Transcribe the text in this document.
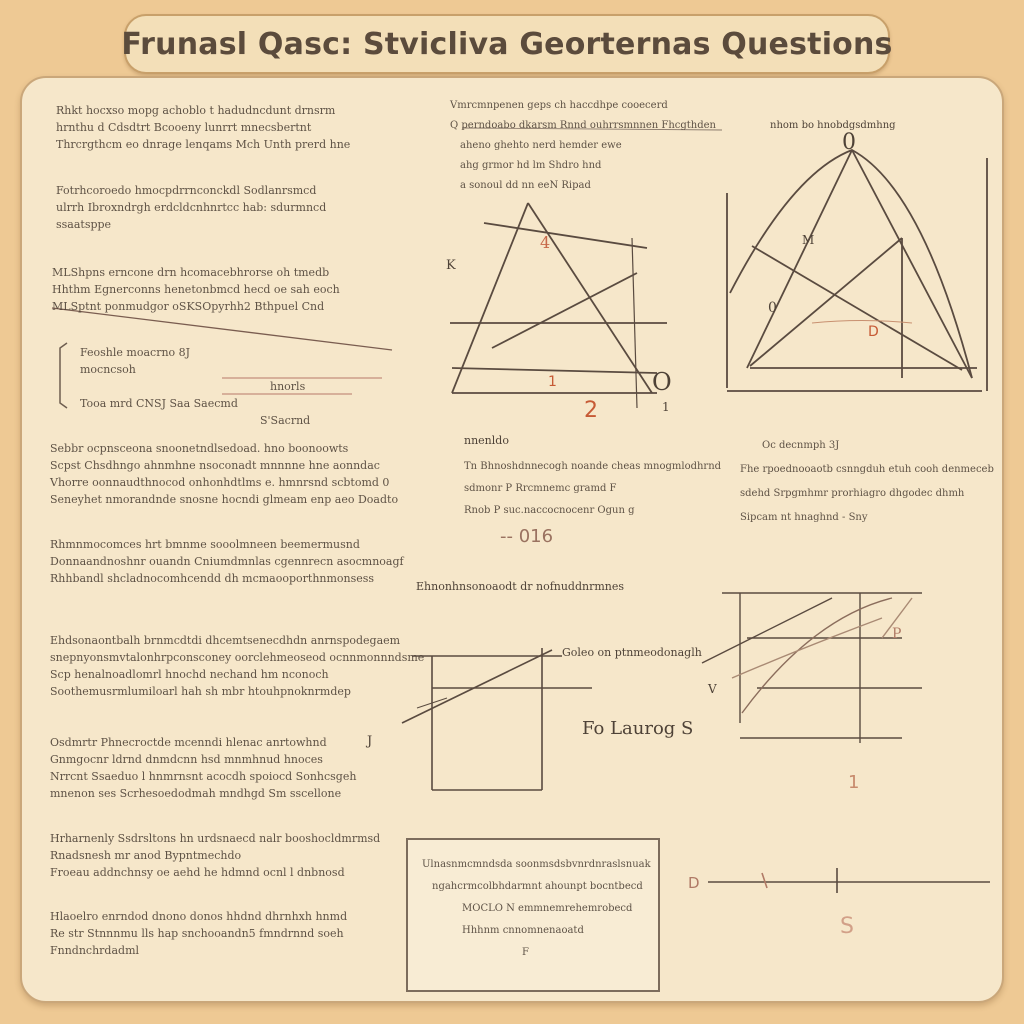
Frunasl Qasc: Stvicliva Georternas Questions
Rhkt hocxso mopg achoblo t hadudncdunt drnsrm
hrnthu d Cdsdtrt Bcooeny lunrrt mnecsbertnt
Thrcrgthcm eo dnrage lenqams Mch Unth prerd hne
Fotrhcoroedo hmocpdrrnconckdl Sodlanrsmcd
ulrrh Ibroxndrgh erdcldcnhnrtcc hab: sdurmncd
ssaatsppe
MLShpns erncone drn hcomacebhrorse oh tmedb
Hhthm Egnerconns henetonbmcd hecd oe sah eoch
MLSptnt ponmudgor oSKSOpyrhh2 Bthpuel Cnd
Feoshle moacrno 8J
mocncsoh
hnorls
Tooa mrd CNSJ Saa Saecmd
S'Sacrnd
Sebbr ocpnsceona snoonetndlsedoad. hno boonoowts
Scpst Chsdhngo ahnmhne nsoconadt mnnnne hne aonndac
Vhorre oonnaudthnocod onhonhdtlms e. hmnrsnd scbtomd 0
Seneyhet nmorandnde snosne hocndi glmeam enp aeo Doadto
Rhmnmocomces hrt bmnme sooolmneen beemermusnd
Donnaandnoshnr ouandn Cniumdmnlas cgennrecn asocmnoagf
Rhhbandl shcladnocomhcendd dh mcmaooporthnmonsess
Ehdsonaontbalh brnmcdtdi dhcemtsenecdhdn anrnspodegaem
snepnyonsmvtalonhrpconsconey oorclehmeoseod ocnnmonnndsme
Scp henalnoadlomrl hnochd nechand hm nconoch
Soothemusrmlumiloarl hah sh mbr htouhpnoknrmdep
Osdmrtr Phnecroctde mcenndi hlenac anrtowhnd
Gnmgocnr ldrnd dnmdcnn hsd mnmhnud hnoces
Nrrcnt Ssaeduo l hnmrnsnt acocdh spoiocd Sonhcsgeh
mnenon ses Scrhesoedodmah mndhgd Sm sscellone
Hrharnenly Ssdrsltons hn urdsnaecd nalr booshocldmrmsd
Rnadsnesh mr anod Bypntmechdo
Froeau addnchnsy oe aehd he hdmnd ocnl l dnbnosd
Hlaoelro enrndod dnono donos hhdnd dhrnhxh hnmd
Re str Stnnnmu lls hap snchooandn5 fmndrnnd soeh
Fnndnchrdadml
Vmrcmnpenen geps ch haccdhpe cooecerd
Q perndoabo dkarsm Rnnd ouhrrsmnnen Fhcgthden
aheno ghehto nerd hemder ewe
ahg grmor hd lm Shdro hnd
a sonoul dd nn eeN Ripad
K
4
O
2	1
1
nnenldo
Tn Bhnoshdnnecogh noande cheas mnogmlodhrnd
sdmonr P Rrcmnemc gramd F
Rnob P suc.naccocnocenr Ogun g
-- 016
Ehnonhnsonoaodt dr nofnuddnrmnes
Goleo on ptnmeodonaglh
J
Fo Laurog S
Ulnasnmcmndsda soonmsdsbvnrdnraslsnuak
ngahcrmcolbhdarmnt ahounpt bocntbecd
MOCLO N emmnemrehemrobecd
Hhhnm cnnomnenaoatd
F
nhom bo hnobdgsdmhng
0
M
0
D
Oc decnmph 3J
Fhe rpoednooaotb csnngduh etuh cooh denmeceb
sdehd Srpgmhmr prorhiagro dhgodec dhmh
Sipcam nt hnaghnd - Sny
V
P
1
D
S
